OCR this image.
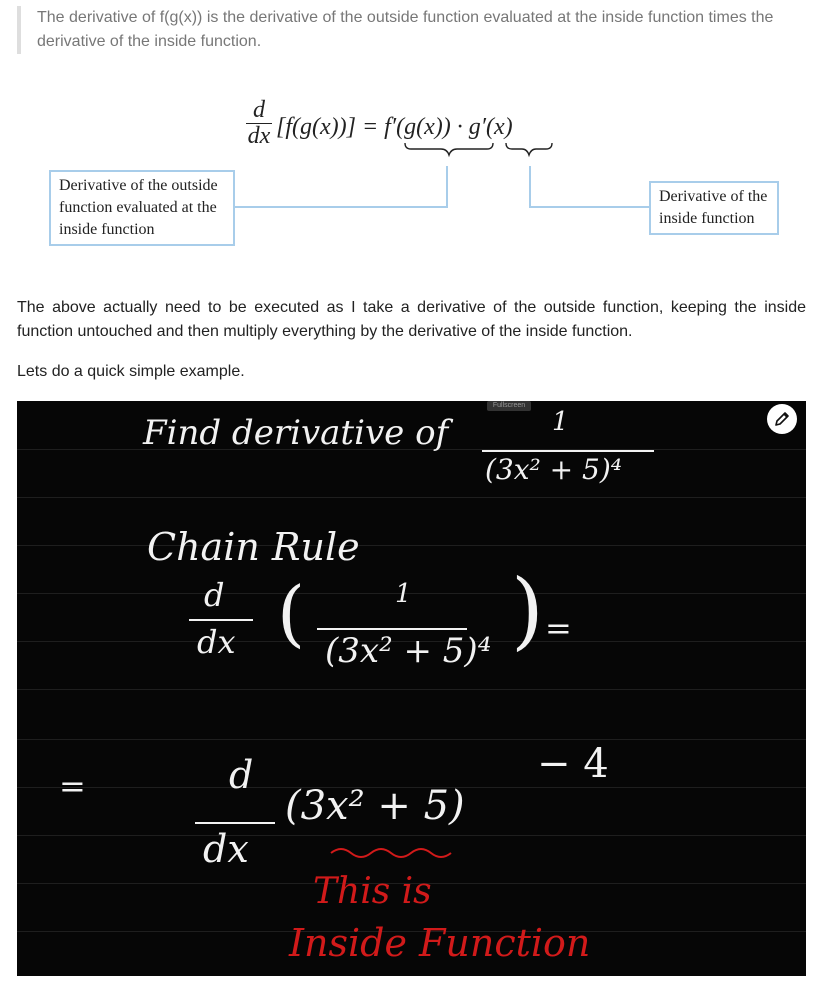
The derivative of f(g(x)) is the derivative of the outside function evaluated at the inside function times the derivative of the inside function.
d
dx [f(g(x))] = f′(g(x)) · g′(x)
Derivative of the outside function evaluated at the inside function
Derivative of the inside function
The above actually need to be executed as I take a derivative of the outside function, keeping the inside function untouched and then multiply everything by the derivative of the inside function.
Lets do a quick simple example.
Fullscreen
Find derivative of	1
(3x² + 5)⁴
Chain Rule
d
dx (	1
(3x² + 5)⁴ ) =
=	d
dx
(3x² + 5)
− 4
This is
Inside Function
